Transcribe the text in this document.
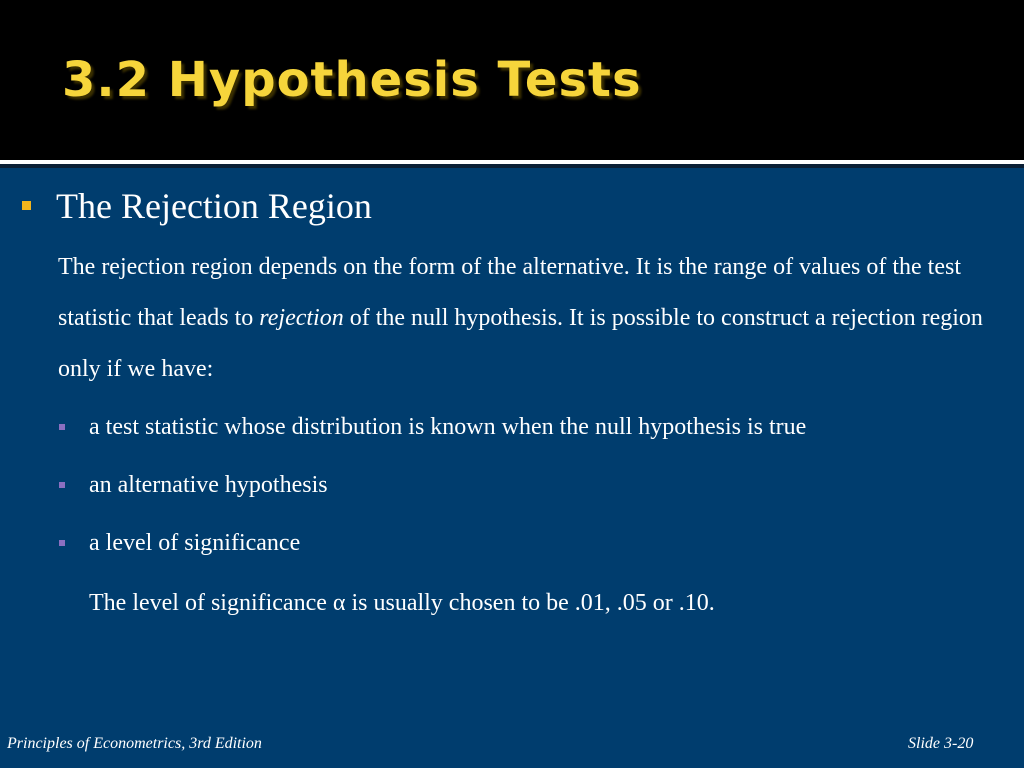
3.2 Hypothesis Tests
The Rejection Region
The rejection region depends on the form of the alternative. It is the range of values of the test statistic that leads to rejection of the null hypothesis. It is possible to construct a rejection region only if we have:
a test statistic whose distribution is known when the null hypothesis is true
an alternative hypothesis
a level of significance
The level of significance α is usually chosen to be .01, .05 or .10.
Principles of Econometrics, 3rd Edition	Slide 3-20
